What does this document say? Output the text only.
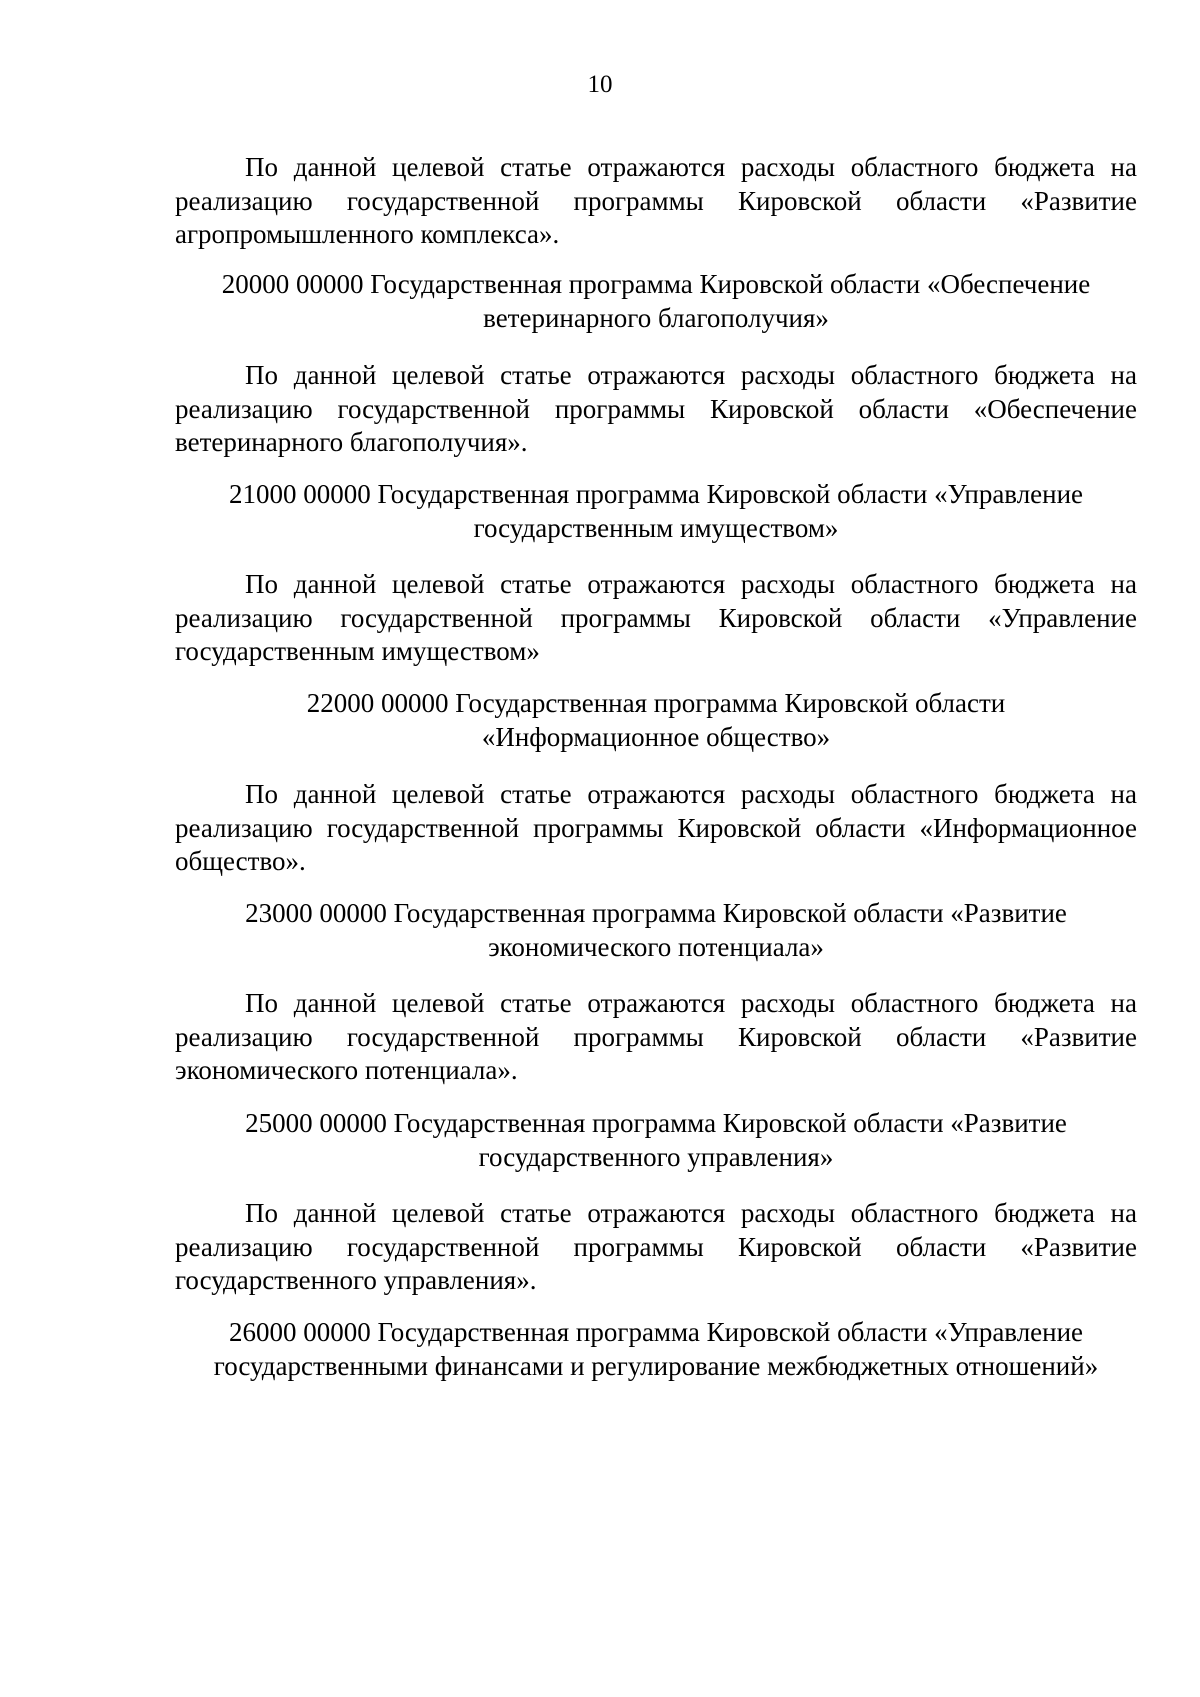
10

По данной целевой статье отражаются расходы областного бюджета на реализацию государственной программы Кировской области «Развитие агропромышленного комплекса».

20000 00000 Государственная программа Кировской области «Обеспечение
ветеринарного благополучия»

По данной целевой статье отражаются расходы областного бюджета на реализацию государственной программы Кировской области «Обеспечение ветеринарного благополучия».

21000 00000 Государственная программа Кировской области «Управление
государственным имуществом»

По данной целевой статье отражаются расходы областного бюджета на реализацию государственной программы Кировской области «Управление государственным имуществом»

22000 00000 Государственная программа Кировской области
«Информационное общество»

По данной целевой статье отражаются расходы областного бюджета на реализацию государственной программы Кировской области «Информационное общество».

23000 00000 Государственная программа Кировской области «Развитие
экономического потенциала»

По данной целевой статье отражаются расходы областного бюджета на реализацию государственной программы Кировской области «Развитие экономического потенциала».

25000 00000 Государственная программа Кировской области «Развитие
государственного управления»

По данной целевой статье отражаются расходы областного бюджета на реализацию государственной программы Кировской области «Развитие государственного управления».

26000 00000 Государственная программа Кировской области «Управление
государственными финансами и регулирование межбюджетных отношений»
